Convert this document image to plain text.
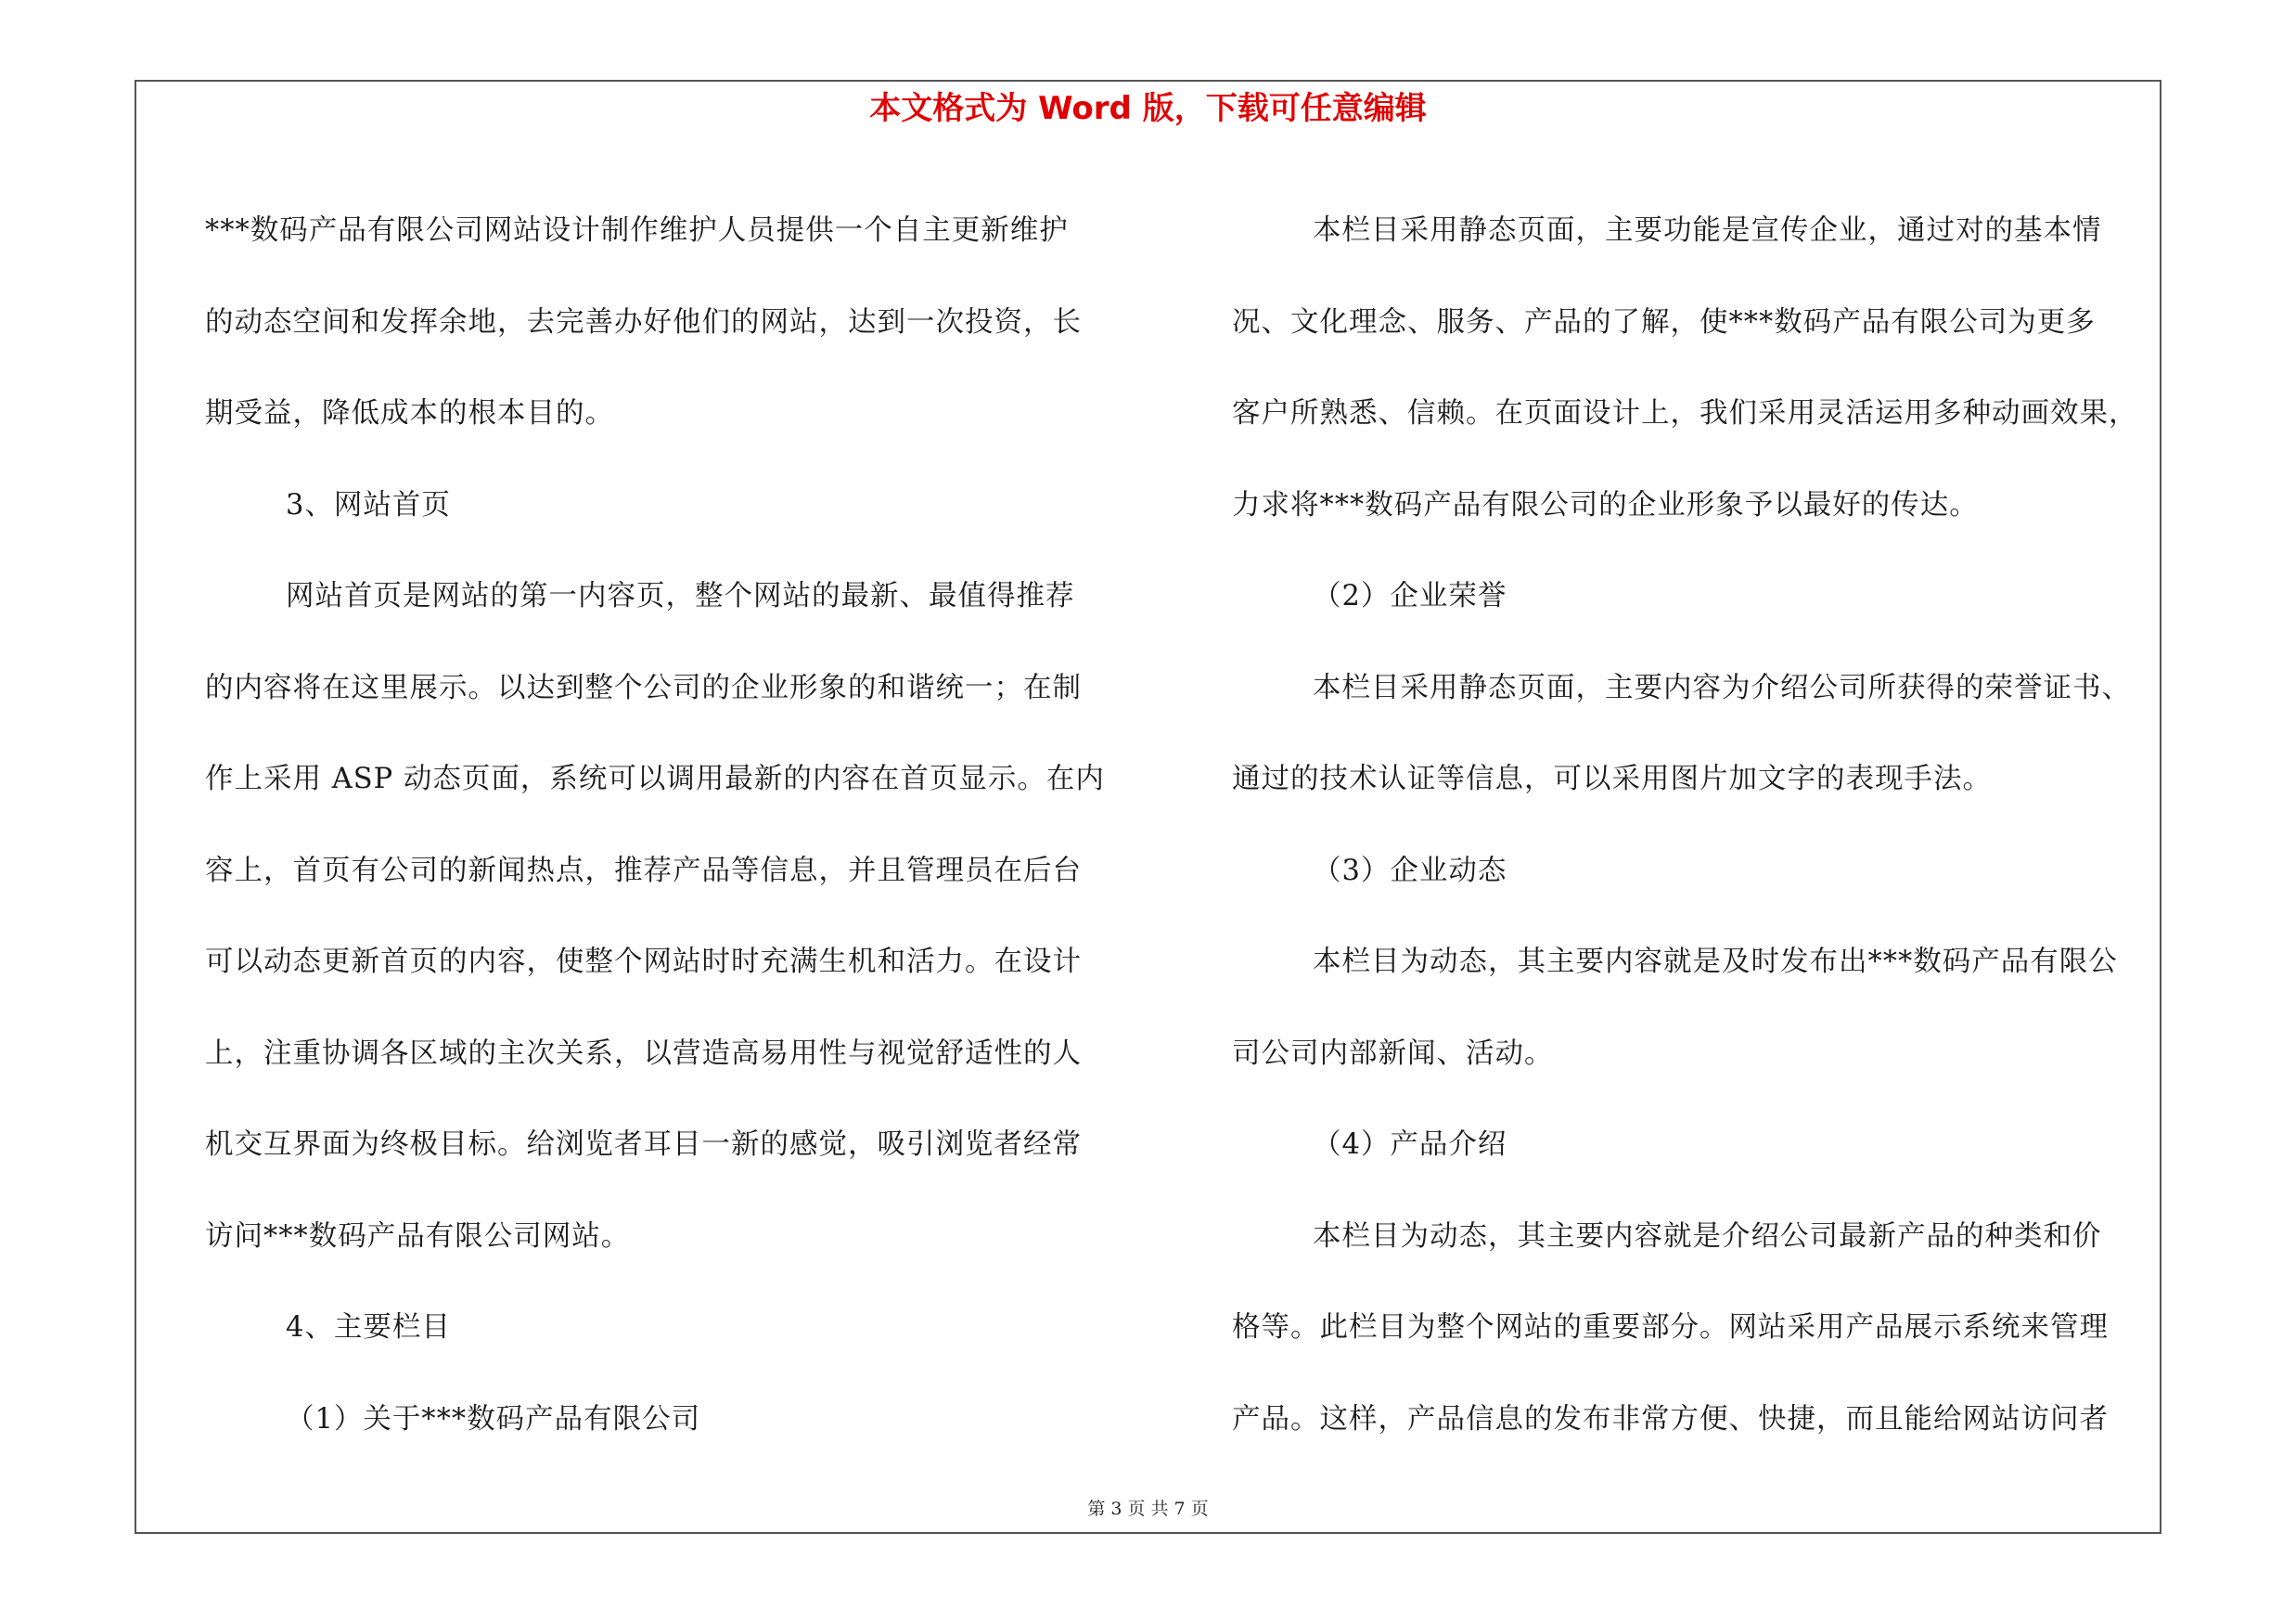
本文格式为 Word 版，下载可任意编辑
***数码产品有限公司网站设计制作维护人员提供一个自主更新维护
的动态空间和发挥余地，去完善办好他们的网站，达到一次投资，长
期受益，降低成本的根本目的。
3、网站首页
网站首页是网站的第一内容页，整个网站的最新、最值得推荐
的内容将在这里展示。以达到整个公司的企业形象的和谐统一；在制
作上采用 ASP 动态页面，系统可以调用最新的内容在首页显示。在内
容上，首页有公司的新闻热点，推荐产品等信息，并且管理员在后台
可以动态更新首页的内容，使整个网站时时充满生机和活力。在设计
上，注重协调各区域的主次关系，以营造高易用性与视觉舒适性的人
机交互界面为终极目标。给浏览者耳目一新的感觉，吸引浏览者经常
访问***数码产品有限公司网站。
4、主要栏目
（1）关于***数码产品有限公司
本栏目采用静态页面，主要功能是宣传企业，通过对的基本情
况、文化理念、服务、产品的了解，使***数码产品有限公司为更多
客户所熟悉、信赖。在页面设计上，我们采用灵活运用多种动画效果，
力求将***数码产品有限公司的企业形象予以最好的传达。
（2）企业荣誉
本栏目采用静态页面，主要内容为介绍公司所获得的荣誉证书、
通过的技术认证等信息，可以采用图片加文字的表现手法。
（3）企业动态
本栏目为动态，其主要内容就是及时发布出***数码产品有限公
司公司内部新闻、活动。
（4）产品介绍
本栏目为动态，其主要内容就是介绍公司最新产品的种类和价
格等。此栏目为整个网站的重要部分。网站采用产品展示系统来管理
产品。这样，产品信息的发布非常方便、快捷，而且能给网站访问者
第 3 页 共 7 页
